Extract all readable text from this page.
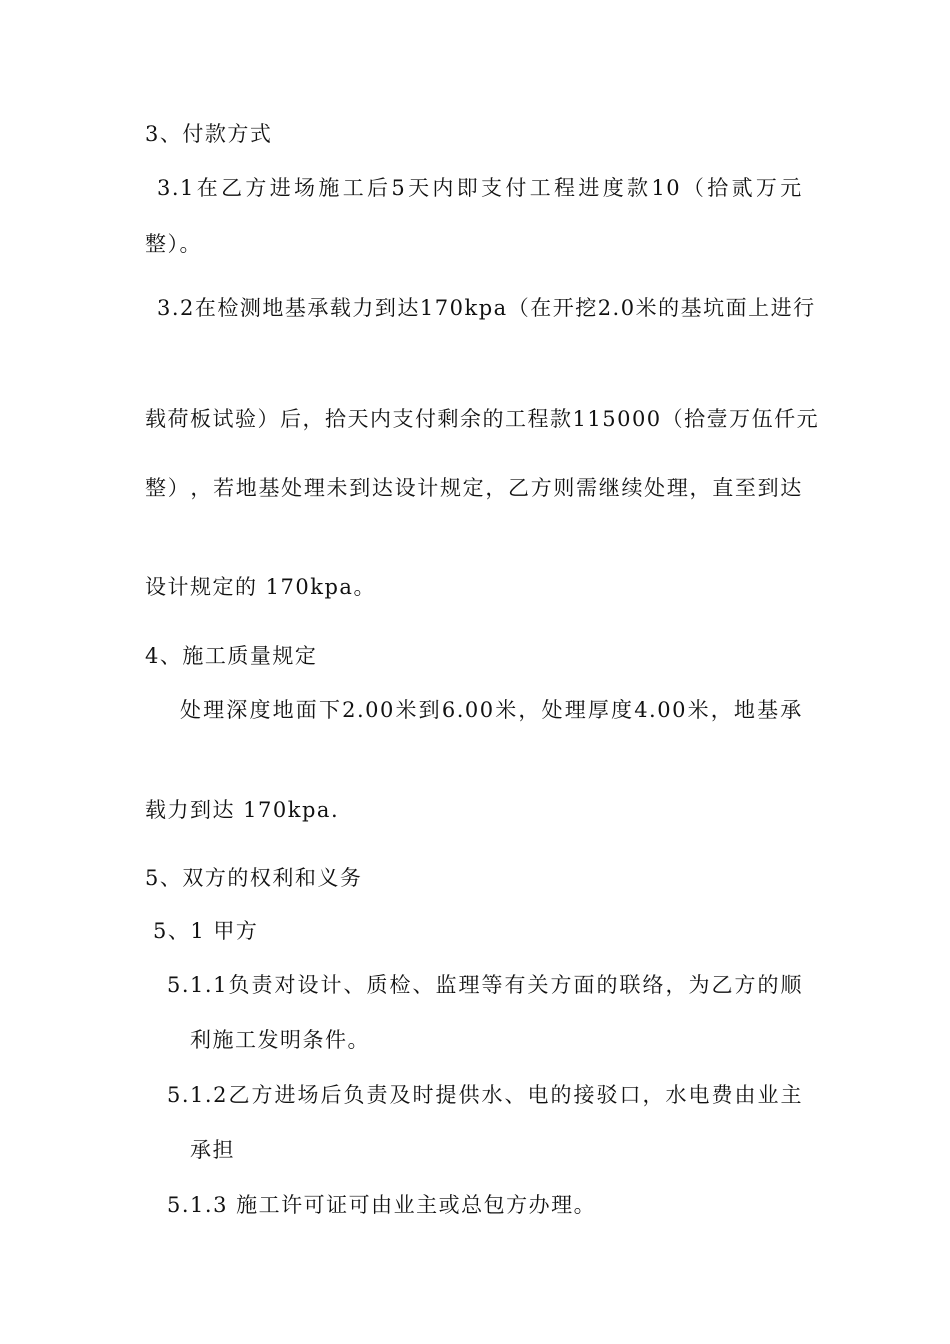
3、付款方式
3.1 在 乙 方 进 场 施 工 后 5 天 内 即 支 付 工 程 进 度 款 10 （ 拾 贰 万 元
整）。
3.2 在 检 测 地 基 承 载 力 到 达 170kpa （ 在 开 挖 2.0 米 的 基 坑 面 上 进 行
载 荷 板 试 验 ） 后 ， 拾 天 内 支 付 剩 余 的 工 程 款 115000 （ 拾 壹 万 伍 仟 元
整 ） ， 若 地 基 处 理 未 到 达 设 计 规 定 ， 乙 方 则 需 继 续 处 理 ， 直 至 到 达
设计规定的 170kpa。
4、施工质量规定
处 理 深 度 地 面 下 2.00 米 到 6.00 米 ， 处 理 厚 度 4.00 米 ， 地 基 承
载力到达 170kpa.
5、双方的权利和义务
5、1 甲方
5.1.1 负 责 对 设 计 、 质 检 、 监 理 等 有 关 方 面 的 联 络 ， 为 乙 方 的 顺
利施工发明条件。
5.1.2 乙 方 进 场 后 负 责 及 时 提 供 水 、 电 的 接 驳 口 ， 水 电 费 由 业 主
承担
5.1.3 施工许可证可由业主或总包方办理。
